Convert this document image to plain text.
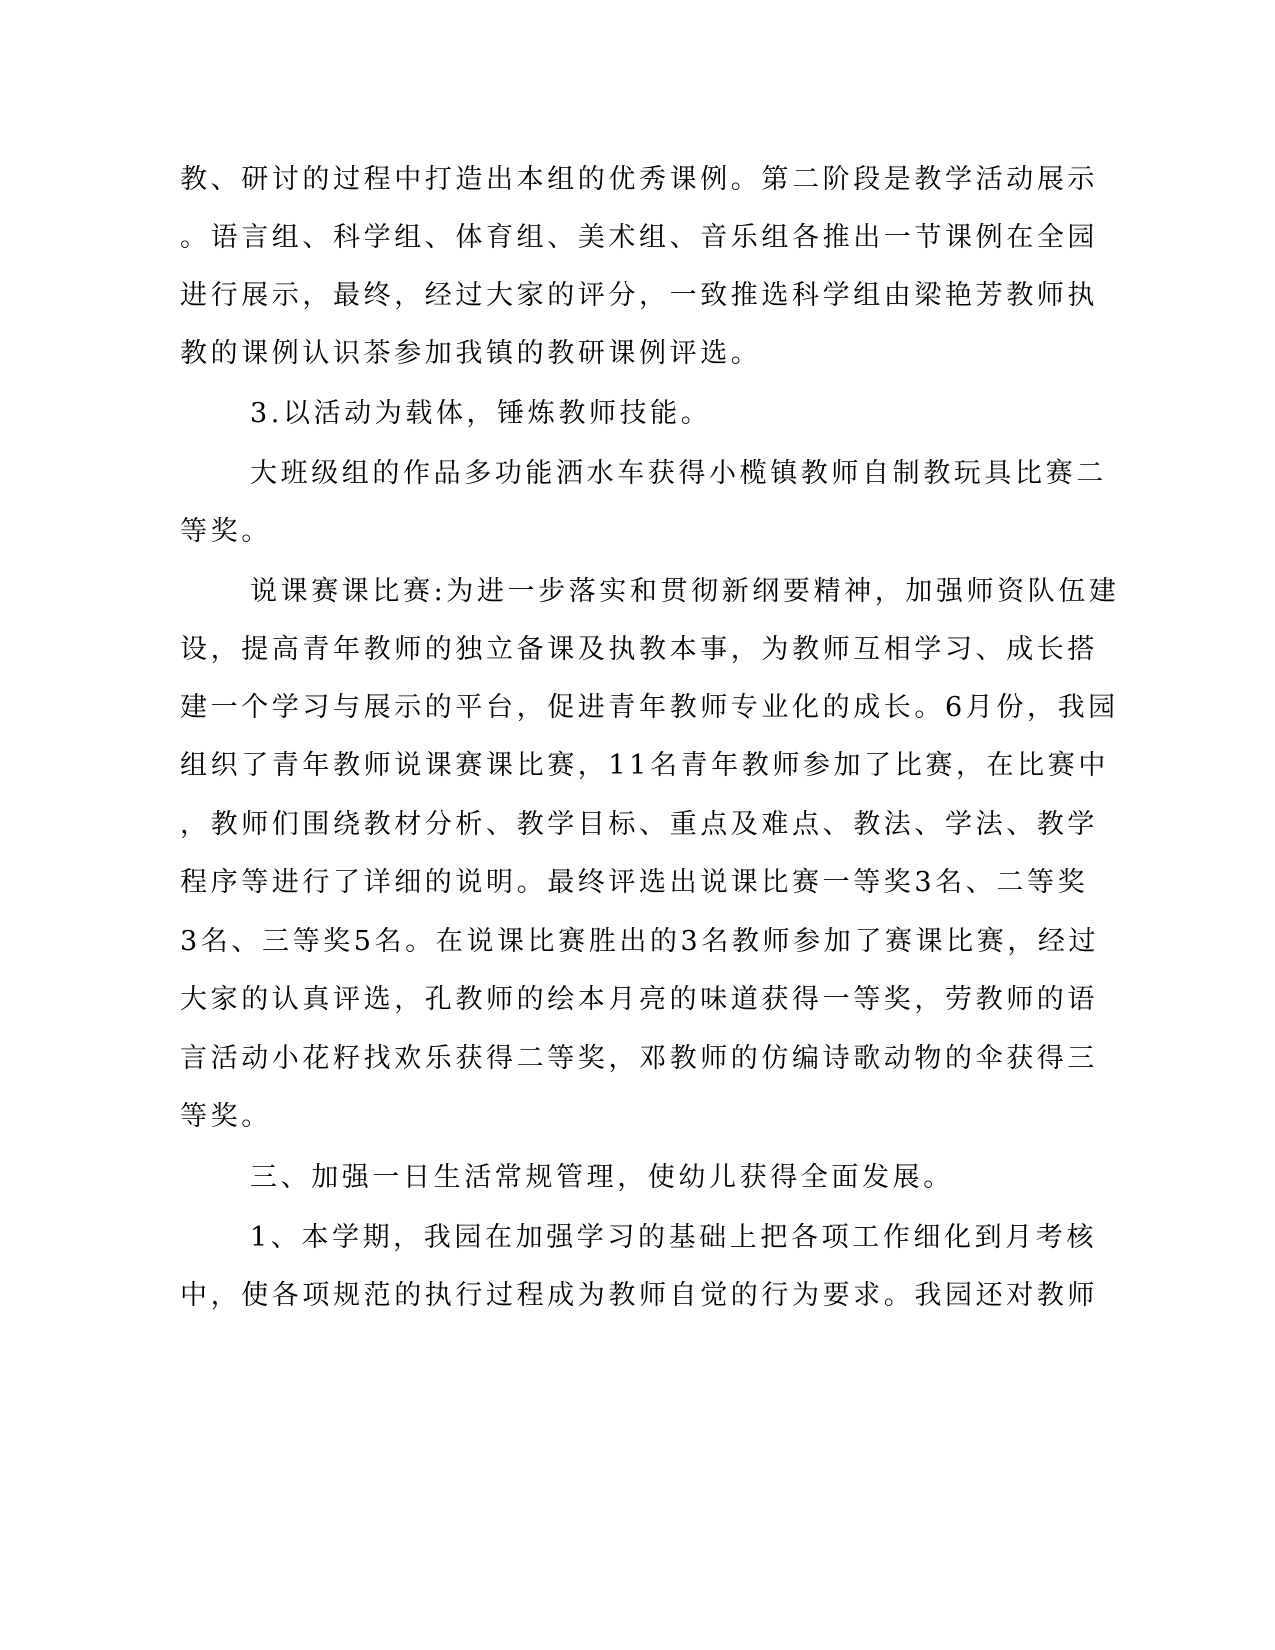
教、研讨的过程中打造出本组的优秀课例。第二阶段是教学活动展示
。语言组、科学组、体育组、美术组、音乐组各推出一节课例在全园
进行展示，最终，经过大家的评分，一致推选科学组由梁艳芳教师执
教的课例认识茶参加我镇的教研课例评选。
3.以活动为载体，锤炼教师技能。
大班级组的作品多功能洒水车获得小榄镇教师自制教玩具比赛二
等奖。
说课赛课比赛:为进一步落实和贯彻新纲要精神，加强师资队伍建
设，提高青年教师的独立备课及执教本事，为教师互相学习、成长搭
建一个学习与展示的平台，促进青年教师专业化的成长。6月份，我园
组织了青年教师说课赛课比赛，11名青年教师参加了比赛，在比赛中
，教师们围绕教材分析、教学目标、重点及难点、教法、学法、教学
程序等进行了详细的说明。最终评选出说课比赛一等奖3名、二等奖
3名、三等奖5名。在说课比赛胜出的3名教师参加了赛课比赛，经过
大家的认真评选，孔教师的绘本月亮的味道获得一等奖，劳教师的语
言活动小花籽找欢乐获得二等奖，邓教师的仿编诗歌动物的伞获得三
等奖。
三、加强一日生活常规管理，使幼儿获得全面发展。
1、本学期，我园在加强学习的基础上把各项工作细化到月考核
中，使各项规范的执行过程成为教师自觉的行为要求。我园还对教师
